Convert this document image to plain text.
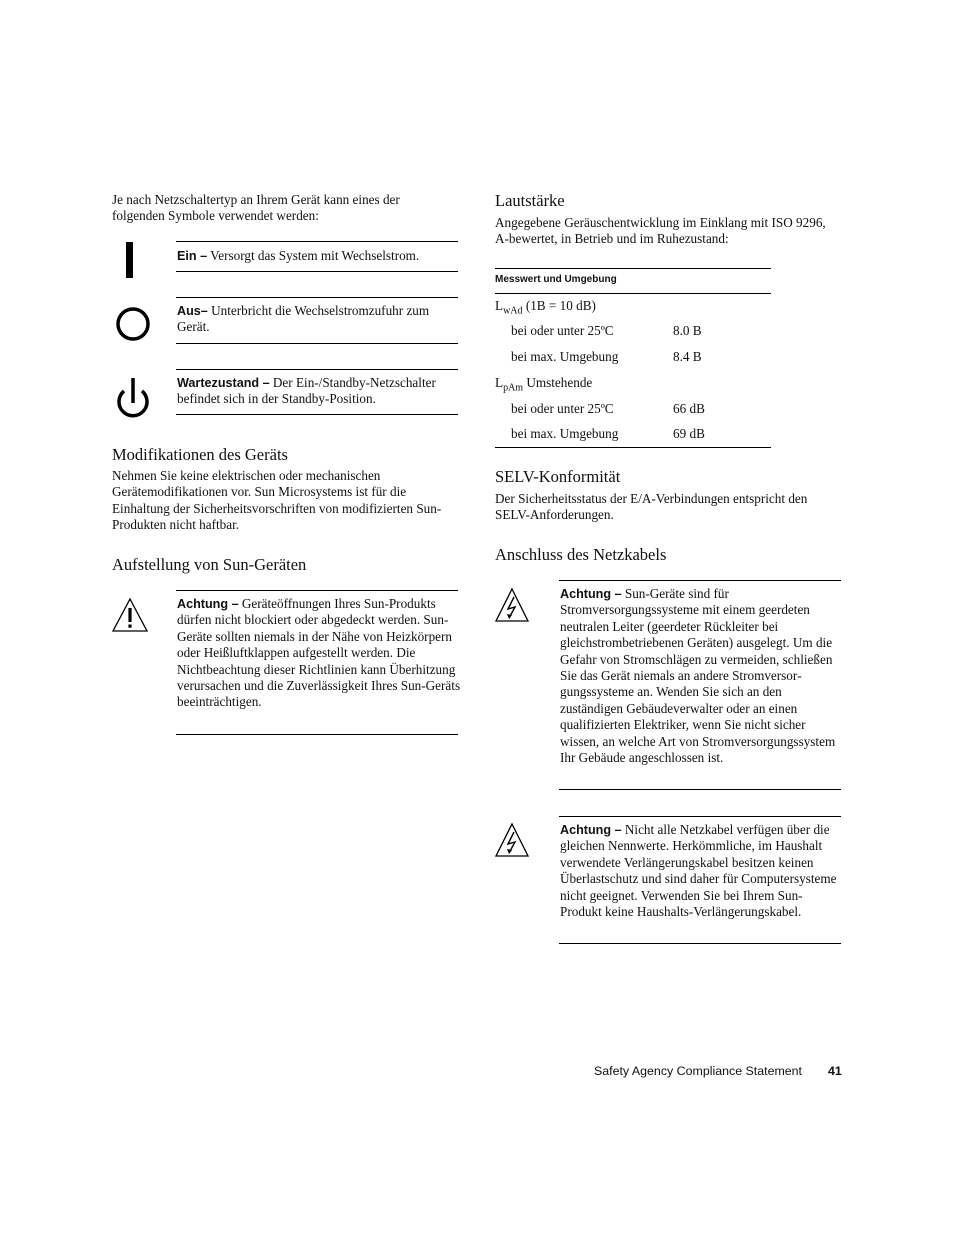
Je nach Netzschaltertyp an Ihrem Gerät kann eines der folgenden Symbole verwendet werden:

Ein – Versorgt das System mit Wechselstrom.

Aus– Unterbricht die Wechselstromzufuhr zum Gerät.

Wartezustand – Der Ein-/Standby-Netzschalter befindet sich in der Standby-Position.

Modifikationen des Geräts

Nehmen Sie keine elektrischen oder mechanischen Gerätemodifikationen vor. Sun Microsystems ist für die Einhaltung der Sicherheitsvorschriften von modifizierten Sun-Produkten nicht haftbar.

Aufstellung von Sun-Geräten

Achtung – Geräteöffnungen Ihres Sun-Produkts dürfen nicht blockiert oder abgedeckt werden. Sun-Geräte sollten niemals in der Nähe von Heizkörpern oder Heißluftklappen aufgestellt werden. Die Nichtbeachtung dieser Richtlinien kann Überhitzung verursachen und die Zuverlässigkeit Ihres Sun-Geräts beeinträchtigen.

Lautstärke

Angegebene Geräuschentwicklung im Einklang mit ISO 9296, A-bewertet, in Betrieb und im Ruhezustand:

Messwert und Umgebung
$L_{wAd}$ (1B = 10 dB)
bei oder unter 25ºC	8.0 B
bei max. Umgebung	8.4 B
$L_{pAm}$ Umstehende
bei oder unter 25ºC	66 dB
bei max. Umgebung	69 dB
SELV-Konformität

Der Sicherheitsstatus der E/A-Verbindungen entspricht den SELV-Anforderungen.

Anschluss des Netzkabels

Achtung – Sun-Geräte sind für Stromversorgungssysteme mit einem geerdeten neutralen Leiter (geerdeter Rückleiter bei gleichstrombetriebenen Geräten) ausgelegt. Um die Gefahr von Stromschlägen zu vermeiden, schließen Sie das Gerät niemals an andere Stromversorgungssysteme an. Wenden Sie sich an den zuständigen Gebäudeverwalter oder an einen qualifizierten Elektriker, wenn Sie nicht sicher wissen, an welche Art von Stromversorgungssystem Ihr Gebäude angeschlossen ist.

Achtung – Nicht alle Netzkabel verfügen über die gleichen Nennwerte. Herkömmliche, im Haushalt verwendete Verlängerungskabel besitzen keinen Überlastschutz und sind daher für Computersysteme nicht geeignet. Verwenden Sie bei Ihrem Sun-Produkt keine Haushalts-Verlängerungskabel.

Safety Agency Compliance Statement 41
